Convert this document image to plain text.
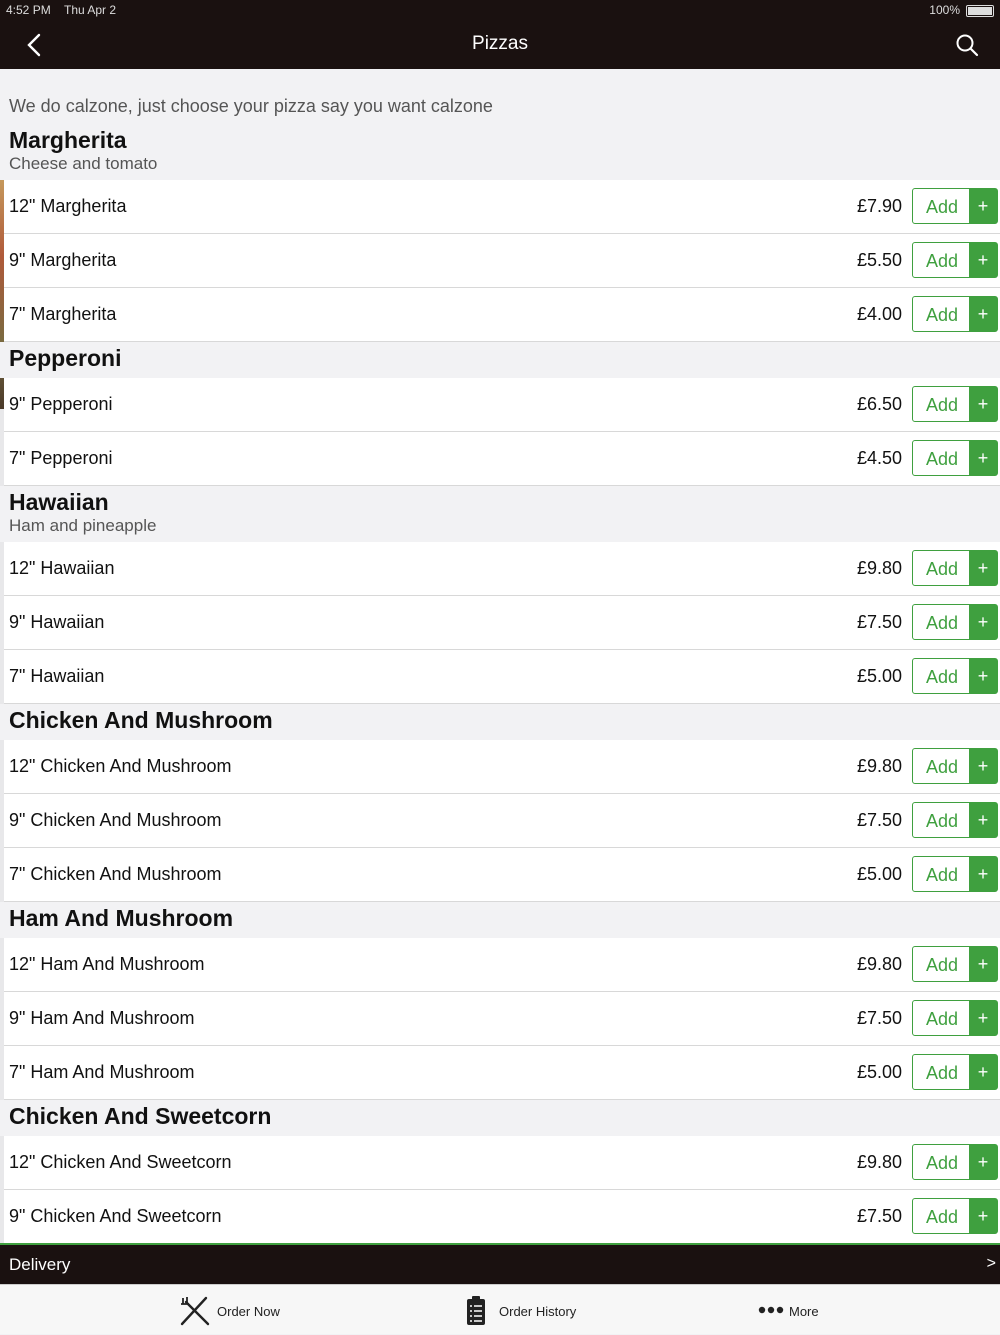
4:52 PM Thu Apr 2	100%
Pizzas
We do calzone, just choose your pizza say you want calzone
Margherita
Cheese and tomato
12" Margherita	£7.90	Add	+
9" Margherita	£5.50	Add	+
7" Margherita	£4.00	Add	+
Pepperoni
9" Pepperoni	£6.50	Add	+
7" Pepperoni	£4.50	Add	+
Hawaiian
Ham and pineapple
12" Hawaiian	£9.80	Add	+
9" Hawaiian	£7.50	Add	+
7" Hawaiian	£5.00	Add	+
Chicken And Mushroom
12" Chicken And Mushroom	£9.80	Add	+
9" Chicken And Mushroom	£7.50	Add	+
7" Chicken And Mushroom	£5.00	Add	+
Ham And Mushroom
12" Ham And Mushroom	£9.80	Add	+
9" Ham And Mushroom	£7.50	Add	+
7" Ham And Mushroom	£5.00	Add	+
Chicken And Sweetcorn
12" Chicken And Sweetcorn	£9.80	Add	+
9" Chicken And Sweetcorn	£7.50	Add	+
Delivery	>
Order Now	Order History	More
